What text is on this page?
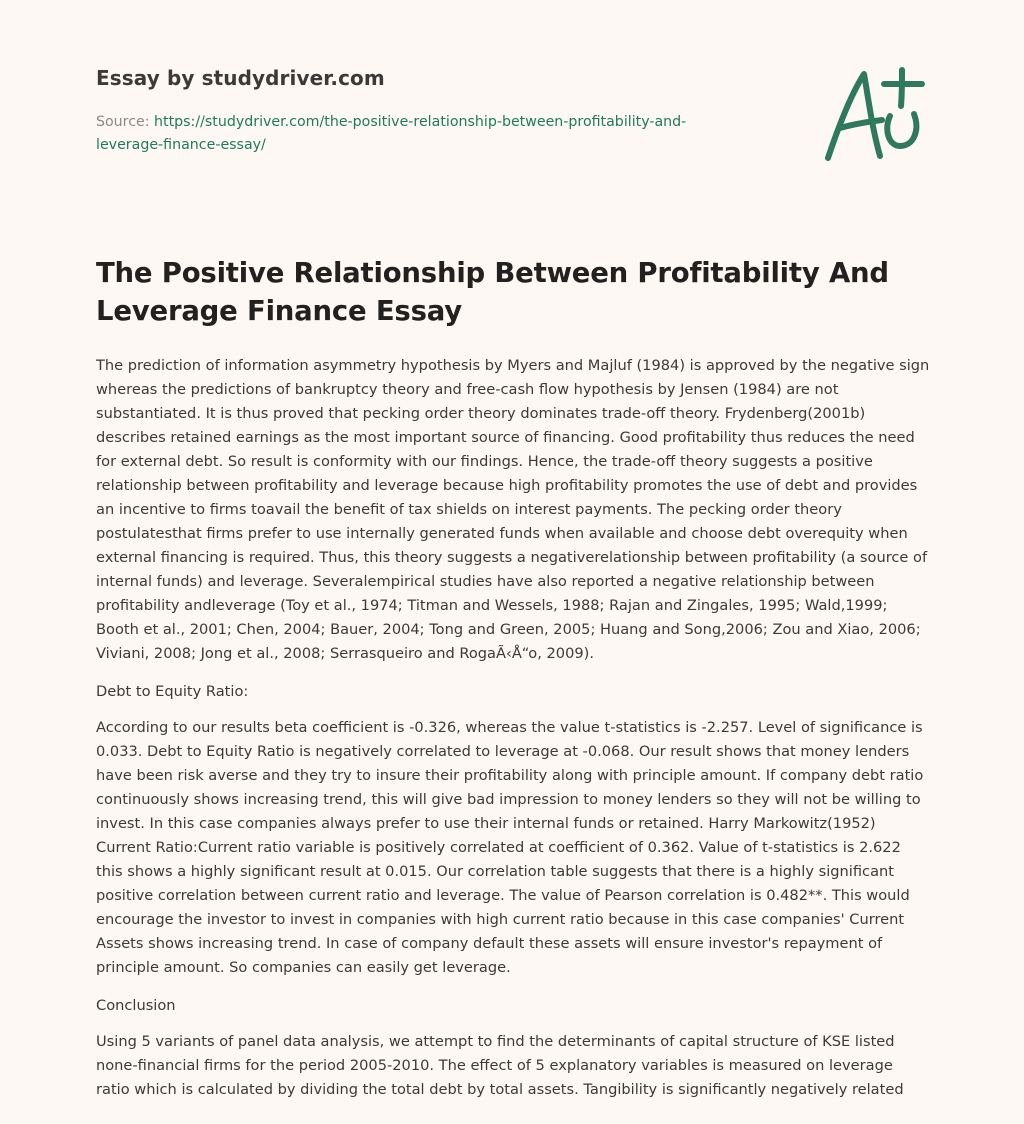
Essay by studydriver.com
Source: https://studydriver.com/the-positive-relationship-between-profitability-and-
leverage-finance-essay/
The Positive Relationship Between Profitability And Leverage Finance Essay

The prediction of information asymmetry hypothesis by Myers and Majluf (1984) is approved by the negative sign whereas the predictions of bankruptcy theory and free-cash flow hypothesis by Jensen (1984) are not substantiated. It is thus proved that pecking order theory dominates trade-off theory. Frydenberg(2001b) describes retained earnings as the most important source of financing. Good profitability thus reduces the need for external debt. So result is conformity with our findings. Hence, the trade-off theory suggests a positive relationship between profitability and leverage because high profitability promotes the use of debt and provides an incentive to firms toavail the benefit of tax shields on interest payments. The pecking order theory postulatesthat firms prefer to use internally generated funds when available and choose debt overequity when external financing is required. Thus, this theory suggests a negativerelationship between profitability (a source of internal funds) and leverage. Severalempirical studies have also reported a negative relationship between profitability andleverage (Toy et al., 1974; Titman and Wessels, 1988; Rajan and Zingales, 1995; Wald,1999; Booth et al., 2001; Chen, 2004; Bauer, 2004; Tong and Green, 2005; Huang and Song,2006; Zou and Xiao, 2006; Viviani, 2008; Jong et al., 2008; Serrasqueiro and RogaÃ‹Å“o, 2009).

Debt to Equity Ratio:

According to our results beta coefficient is -0.326, whereas the value t-statistics is -2.257. Level of significance is 0.033. Debt to Equity Ratio is negatively correlated to leverage at -0.068. Our result shows that money lenders have been risk averse and they try to insure their profitability along with principle amount. If company debt ratio continuously shows increasing trend, this will give bad impression to money lenders so they will not be willing to invest. In this case companies always prefer to use their internal funds or retained. Harry Markowitz(1952) Current Ratio:Current ratio variable is positively correlated at coefficient of 0.362. Value of t-statistics is 2.622 this shows a highly significant result at 0.015. Our correlation table suggests that there is a highly significant positive correlation between current ratio and leverage. The value of Pearson correlation is 0.482**. This would encourage the investor to invest in companies with high current ratio because in this case companies' Current Assets shows increasing trend. In case of company default these assets will ensure investor's repayment of principle amount. So companies can easily get leverage.

Conclusion

Using 5 variants of panel data analysis, we attempt to find the determinants of capital structure of KSE listed none-financial firms for the period 2005-2010. The effect of 5 explanatory variables is measured on leverage ratio which is calculated by dividing the total debt by total assets. Tangibility is significantly negatively related
